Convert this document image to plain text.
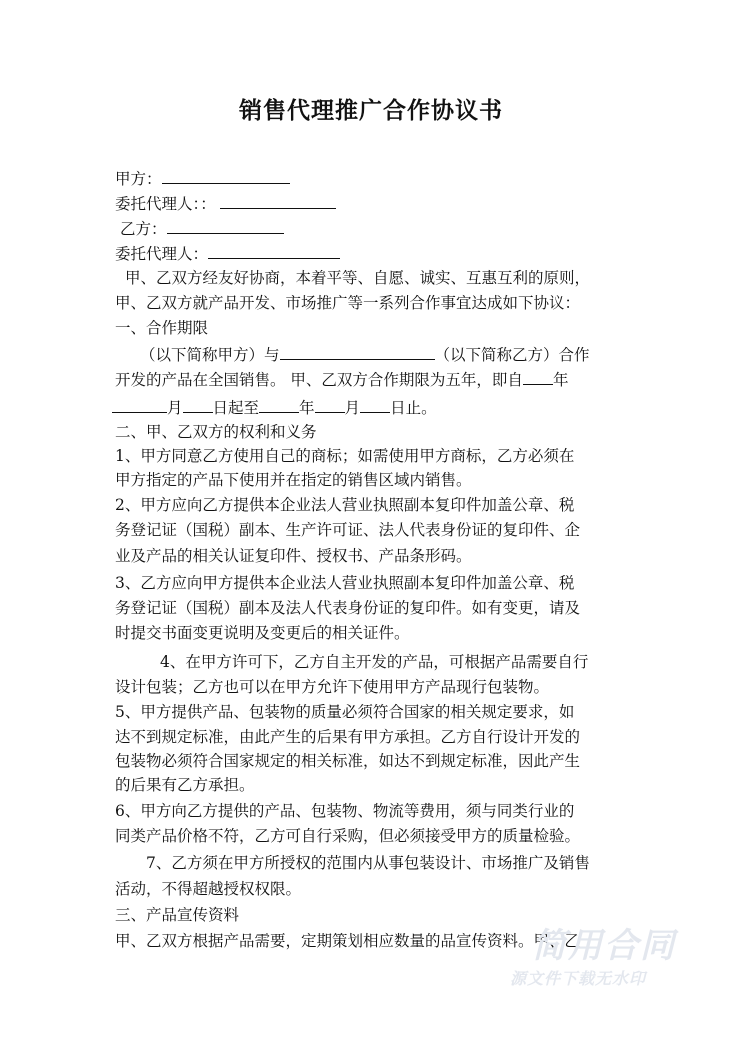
销售代理推广合作协议书
甲方：
委托代理人：：
乙方：
委托代理人：
甲、乙双方经友好协商，本着平等、自愿、诚实、互惠互利的原则，
甲、乙双方就产品开发、市场推广等一系列合作事宜达成如下协议：
一、合作期限
（以下简称甲方）与	（以下简称乙方）合作
开发的产品在全国销售。 甲、乙双方合作期限为五年，即自 年
月 日起至	年 月 日止。
二、甲、乙双方的权利和义务
1、甲方同意乙方使用自己的商标；如需使用甲方商标，乙方必须在
甲方指定的产品下使用并在指定的销售区域内销售。
2、甲方应向乙方提供本企业法人营业执照副本复印件加盖公章、税
务登记证（国税）副本、生产许可证、法人代表身份证的复印件、企
业及产品的相关认证复印件、授权书、产品条形码。
3、乙方应向甲方提供本企业法人营业执照副本复印件加盖公章、税
务登记证（国税）副本及法人代表身份证的复印件。如有变更，请及
时提交书面变更说明及变更后的相关证件。
4、在甲方许可下，乙方自主开发的产品，可根据产品需要自行
设计包装；乙方也可以在甲方允许下使用甲方产品现行包装物。
5、甲方提供产品、包装物的质量必须符合国家的相关规定要求，如
达不到规定标准，由此产生的后果有甲方承担。乙方自行设计开发的
包装物必须符合国家规定的相关标准，如达不到规定标准，因此产生
的后果有乙方承担。
6、甲方向乙方提供的产品、包装物、物流等费用，须与同类行业的
同类产品价格不符，乙方可自行采购，但必须接受甲方的质量检验。
7、乙方须在甲方所授权的范围内从事包装设计、市场推广及销售
活动，不得超越授权权限。
三、产品宣传资料
甲、乙双方根据产品需要，定期策划相应数量的品宣传资料。甲、乙
简用合同
源文件下载无水印
